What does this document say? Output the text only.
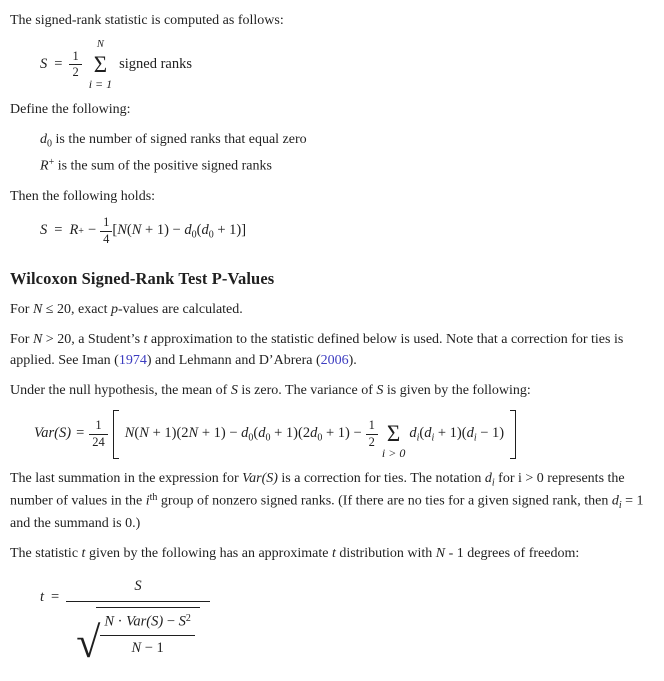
The signed-rank statistic is computed as follows:

$S = \frac{1}{2}$
N
Σ
i = 1
signed ranks

Define the following:

$d_0$ is the number of signed ranks that equal zero
R+ is the sum of the positive signed ranks

Then the following holds:

S = R + − $\frac{1}{4} [N(N + 1) - d_0(d_0 + 1)]$
Wilcoxon Signed-Rank Test P-Values

For N ≤ 20, exact p-values are calculated.

For N > 20, a Student’s t approximation to the statistic defined below is used. Note that a correction for ties is applied. See Iman (1974) and Lehmann and D’Abrera (2006).

Under the null hypothesis, the mean of S is zero. The variance of S is given by the following:

$Var(S) = \frac{1}{24} N(N + 1)(2N + 1) - d_0(d_0 + 1)(2d_0 + 1) - \frac{1}{2}$ Σ
i > 0
$d_i(d_i + 1)(d_i - 1)$

The last summation in the expression for Var(S) is a correction for ties. The notation $d_i$ for i > 0 represents the number of values in the $i^{th}$ group of nonzero signed ranks. (If there are no ties for a given signed rank, then $d_i = 1$ and the summand is 0.)

The statistic t given by the following has an approximate t distribution with N - 1 degrees of freedom:

t =
S
√ $\frac{N \cdot Var(S) - S^2}{N - 1}$
